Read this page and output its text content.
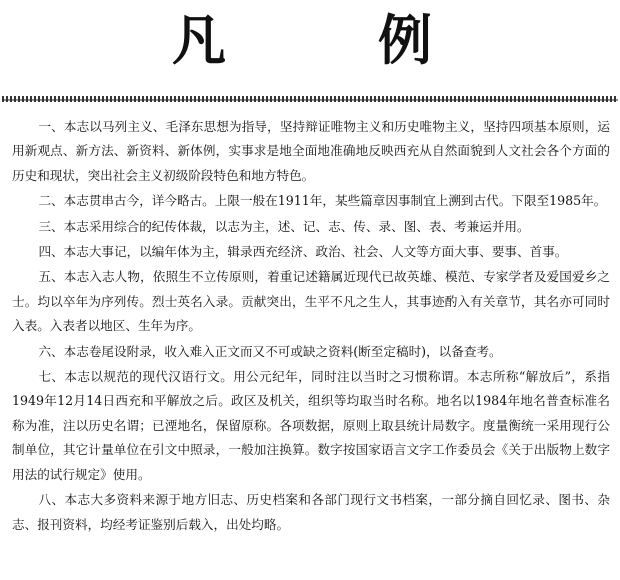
凡	例

一、本志以马列主义、毛泽东思想为指导，坚持辩证唯物主义和历史唯物主义，坚持四项基本原则，运用新观点、新方法、新资料、新体例，实事求是地全面地准确地反映西充从自然面貌到人文社会各个方面的历史和现状，突出社会主义初级阶段特色和地方特色。

二、本志贯串古今，详今略古。上限一般在1911年，某些篇章因事制宜上溯到古代。下限至1985年。

三、本志采用综合的纪传体裁，以志为主，述、记、志、传、录、图、表、考兼运并用。

四、本志大事记，以编年体为主，辑录西充经济、政治、社会、人文等方面大事、要事、首事。

五、本志入志人物，依照生不立传原则，着重记述籍属近现代已故英雄、模范、专家学者及爱国爱乡之士。均以卒年为序列传。烈士英名入录。贡献突出，生平不凡之生人，其事迹酌入有关章节，其名亦可同时入表。入表者以地区、生年为序。

六、本志卷尾设附录，收入难入正文而又不可或缺之资料(断至定稿时)，以备查考。

七、本志以规范的现代汉语行文。用公元纪年，同时注以当时之习惯称谓。本志所称“解放后”，系指1949年12月14日西充和平解放之后。政区及机关，组织等均取当时名称。地名以1984年地名普查标准名称为准，注以历史名谓；已湮地名，保留原称。各项数据，原则上取县统计局数字。度量衡统一采用现行公制单位，其它计量单位在引文中照录，一般加注换算。数字按国家语言文字工作委员会《关于出版物上数字用法的试行规定》使用。

八、本志大多资料来源于地方旧志、历史档案和各部门现行文书档案，一部分摘自回忆录、图书、杂志、报刊资料，均经考证鉴别后载入，出处均略。
